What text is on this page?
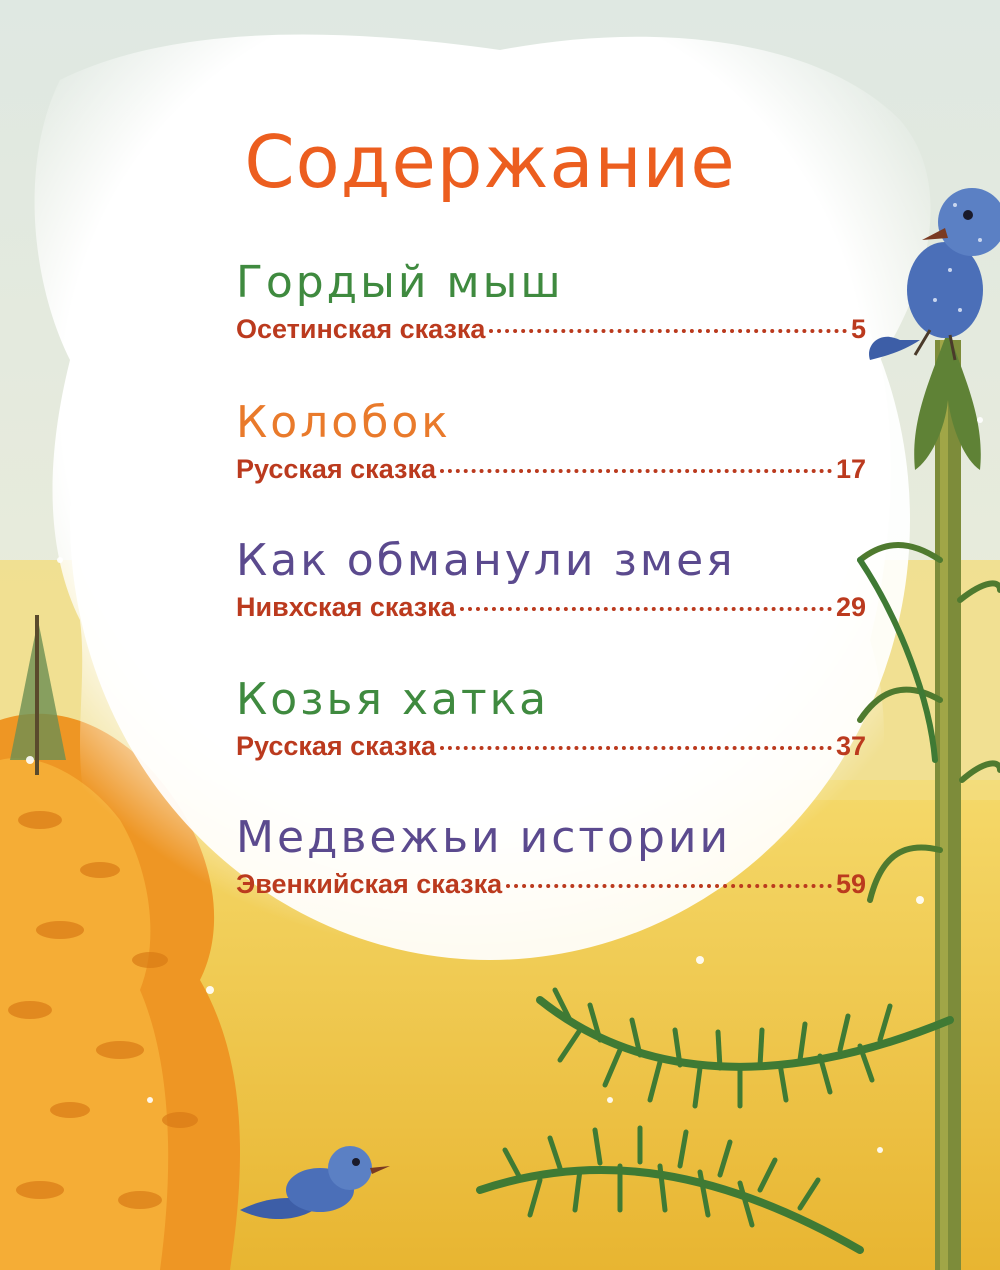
Содержание
Гордый мыш
Осетинская сказка	5
Колобок
Русская сказка	17
Как обманули змея
Нивхская сказка	29
Козья хатка
Русская сказка	37
Медвежьи истории
Эвенкийская сказка	59
